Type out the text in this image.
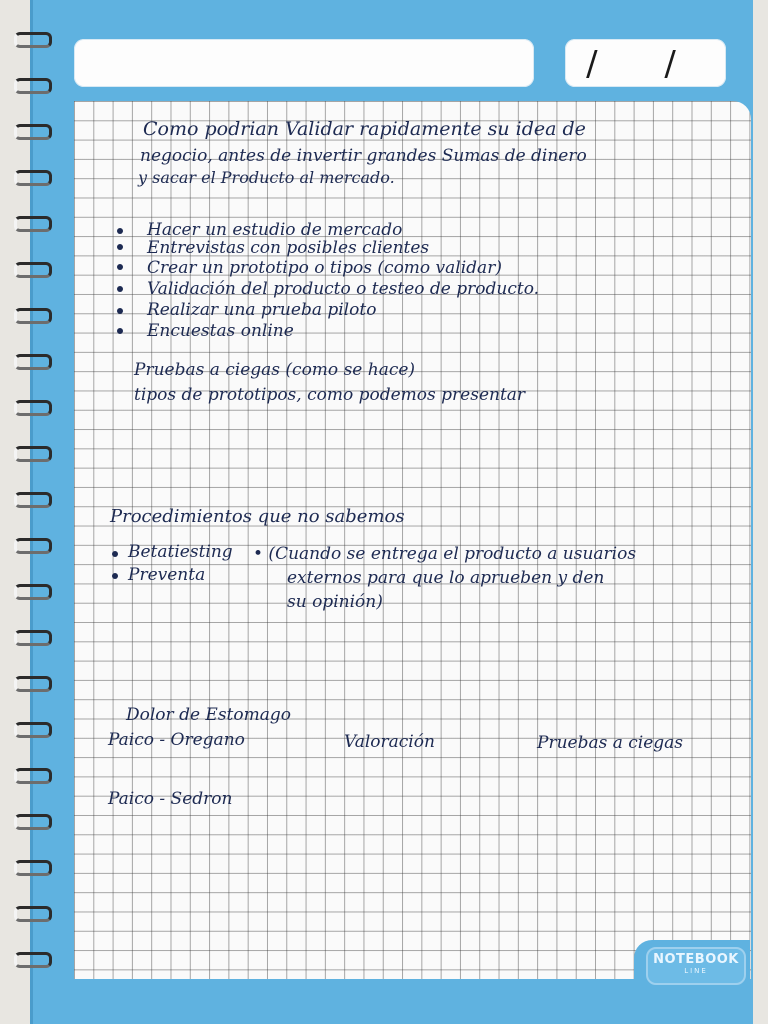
/ /
Como podrian Validar rapidamente su idea de
negocio, antes de invertir grandes Sumas de dinero
y sacar el Producto al mercado.
Hacer un estudio de mercado
Entrevistas con posibles clientes
Crear un prototipo o tipos (como validar)
Validación del producto o testeo de producto.
Realizar una prueba piloto
Encuestas online
Pruebas a ciegas (como se hace)
tipos de prototipos, como podemos presentar
Procedimientos que no sabemos
Betatiesting
Preventa
• (Cuando se entrega el producto a usuarios
externos para que lo aprueben y den
su opinión)
Dolor de Estomago
Paico - Oregano	Valoración	Pruebas a ciegas
Paico - Sedron
NOTEBOOK
LINE
